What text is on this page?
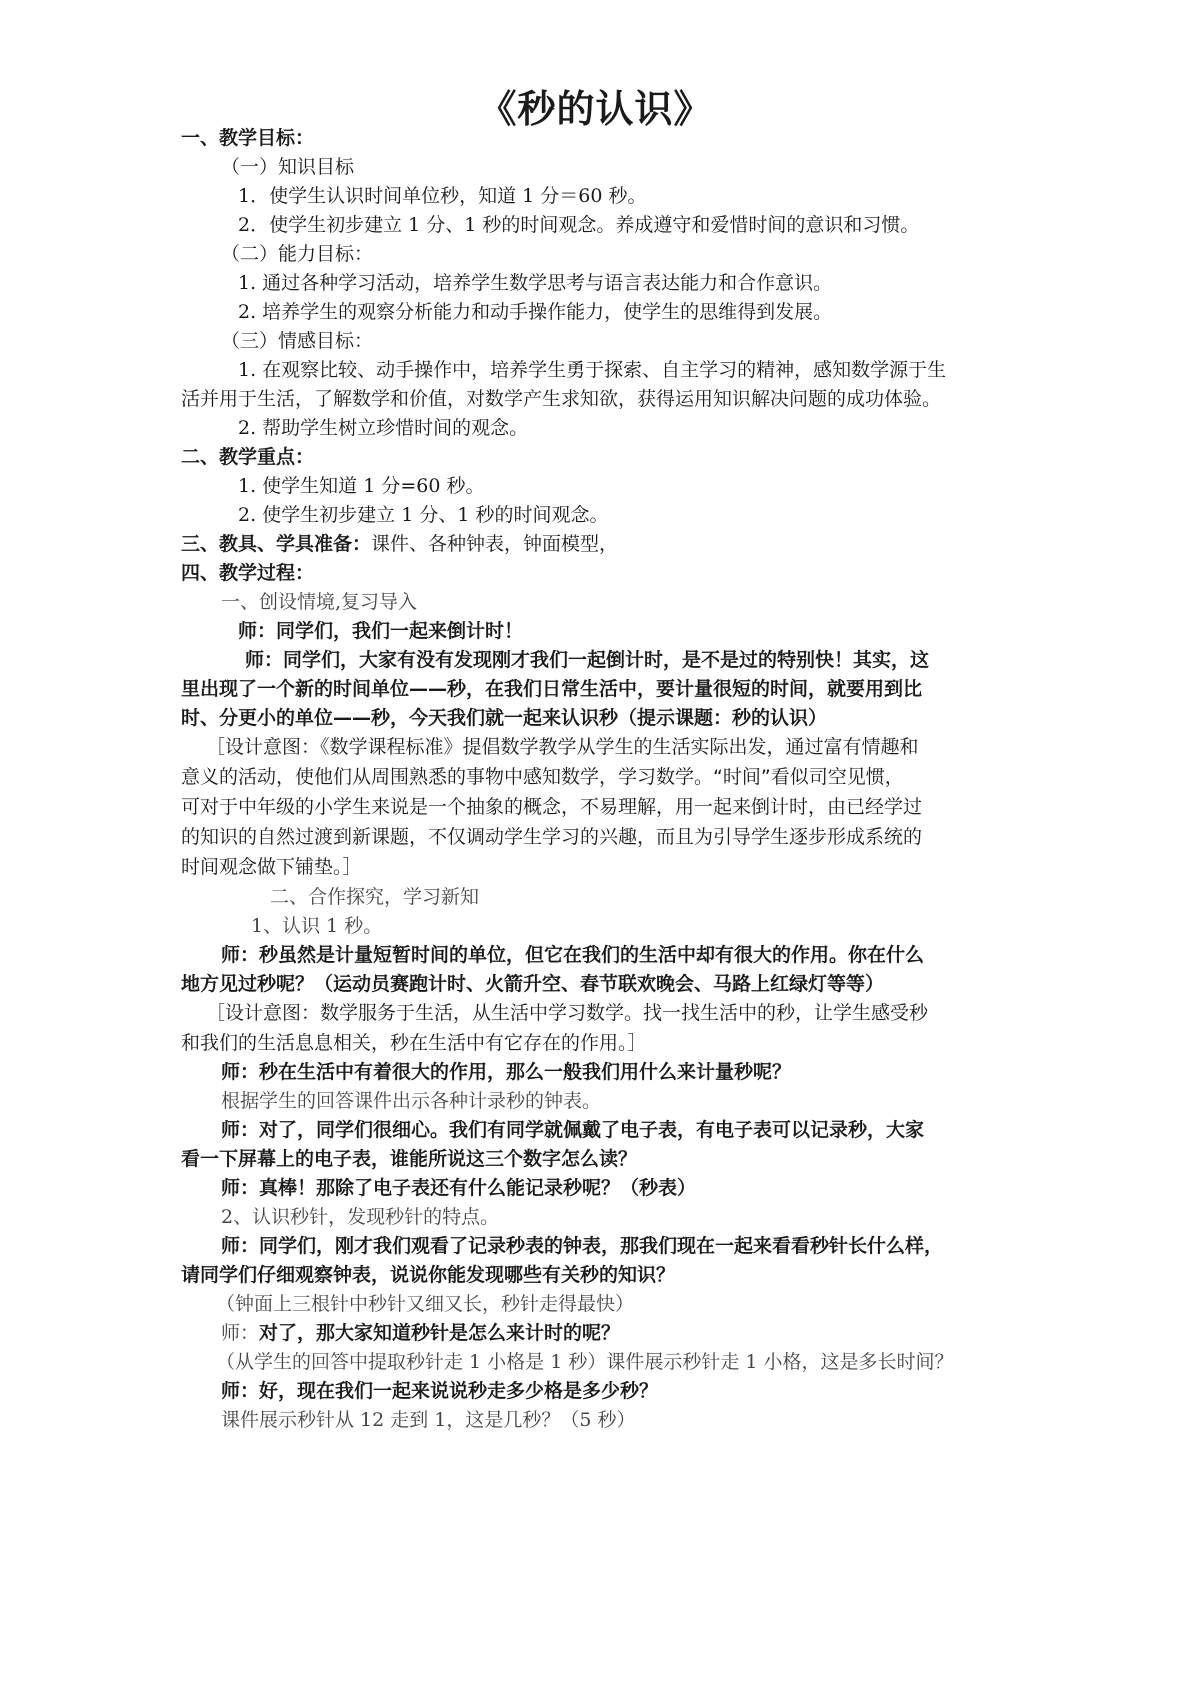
《秒的认识》
一、教学目标：
（一）知识目标
1．使学生认识时间单位秒，知道 1 分＝60 秒。
2．使学生初步建立 1 分、1 秒的时间观念。养成遵守和爱惜时间的意识和习惯。
（二）能力目标：
1. 通过各种学习活动，培养学生数学思考与语言表达能力和合作意识。
2. 培养学生的观察分析能力和动手操作能力，使学生的思维得到发展。
（三）情感目标：
1. 在观察比较、动手操作中，培养学生勇于探索、自主学习的精神，感知数学源于生
活并用于生活，了解数学和价值，对数学产生求知欲，获得运用知识解决问题的成功体验。
2. 帮助学生树立珍惜时间的观念。
二、教学重点：
1. 使学生知道 1 分=60 秒。
2. 使学生初步建立 1 分、1 秒的时间观念。
三、教具、学具准备：课件、各种钟表，钟面模型，
四、教学过程：
一、创设情境,复习导入
师：同学们，我们一起来倒计时！
师：同学们，大家有没有发现刚才我们一起倒计时，是不是过的特别快！其实，这
里出现了一个新的时间单位——秒，在我们日常生活中，要计量很短的时间，就要用到比
时、分更小的单位——秒，今天我们就一起来认识秒（提示课题：秒的认识）
［设计意图：《数学课程标准》提倡数学教学从学生的生活实际出发，通过富有情趣和
意义的活动，使他们从周围熟悉的事物中感知数学，学习数学。“时间”看似司空见惯，
可对于中年级的小学生来说是一个抽象的概念，不易理解，用一起来倒计时，由已经学过
的知识的自然过渡到新课题，不仅调动学生学习的兴趣，而且为引导学生逐步形成系统的
时间观念做下铺垫。］
二、合作探究，学习新知
1、认识 1 秒。
师：秒虽然是计量短暂时间的单位，但它在我们的生活中却有很大的作用。你在什么
地方见过秒呢？（运动员赛跑计时、火箭升空、春节联欢晚会、马路上红绿灯等等）
［设计意图：数学服务于生活，从生活中学习数学。找一找生活中的秒，让学生感受秒
和我们的生活息息相关，秒在生活中有它存在的作用。］
师：秒在生活中有着很大的作用，那么一般我们用什么来计量秒呢？
根据学生的回答课件出示各种计录秒的钟表。
师：对了，同学们很细心。我们有同学就佩戴了电子表，有电子表可以记录秒，大家
看一下屏幕上的电子表，谁能所说这三个数字怎么读？
师：真棒！那除了电子表还有什么能记录秒呢？（秒表）
2、认识秒针，发现秒针的特点。
师：同学们，刚才我们观看了记录秒表的钟表，那我们现在一起来看看秒针长什么样，
请同学们仔细观察钟表，说说你能发现哪些有关秒的知识？
（钟面上三根针中秒针又细又长，秒针走得最快）
师：对了，那大家知道秒针是怎么来计时的呢？
（从学生的回答中提取秒针走 1 小格是 1 秒）课件展示秒针走 1 小格，这是多长时间？
师：好，现在我们一起来说说秒走多少格是多少秒？
课件展示秒针从 12 走到 1，这是几秒？（5 秒）
